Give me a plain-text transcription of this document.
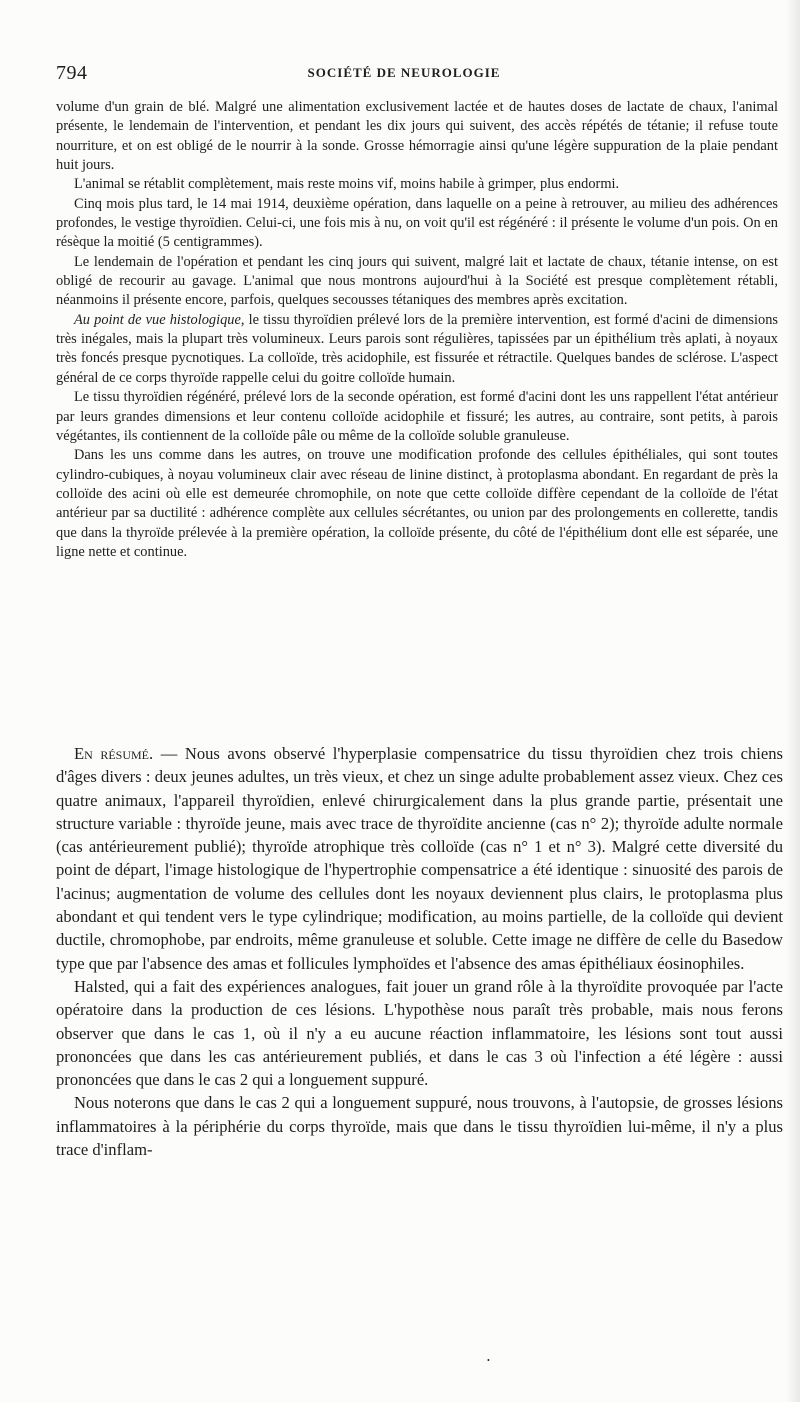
794	SOCIÉTÉ DE NEUROLOGIE

volume d'un grain de blé. Malgré une alimentation exclusivement lactée et de hautes doses de lactate de chaux, l'animal présente, le lendemain de l'intervention, et pendant les dix jours qui suivent, des accès répétés de tétanie; il refuse toute nourriture, et on est obligé de le nourrir à la sonde. Grosse hémorragie ainsi qu'une légère suppuration de la plaie pendant huit jours.

L'animal se rétablit complètement, mais reste moins vif, moins habile à grimper, plus endormi.

Cinq mois plus tard, le 14 mai 1914, deuxième opération, dans laquelle on a peine à retrouver, au milieu des adhérences profondes, le vestige thyroïdien. Celui-ci, une fois mis à nu, on voit qu'il est régénéré : il présente le volume d'un pois. On en résèque la moitié (5 centigrammes).

Le lendemain de l'opération et pendant les cinq jours qui suivent, malgré lait et lactate de chaux, tétanie intense, on est obligé de recourir au gavage. L'animal que nous montrons aujourd'hui à la Société est presque complètement rétabli, néanmoins il présente encore, parfois, quelques secousses tétaniques des membres après excitation.

Au point de vue histologique, le tissu thyroïdien prélevé lors de la première intervention, est formé d'acini de dimensions très inégales, mais la plupart très volumineux. Leurs parois sont régulières, tapissées par un épithélium très aplati, à noyaux très foncés presque pycnotiques. La colloïde, très acidophile, est fissurée et rétractile. Quelques bandes de sclérose. L'aspect général de ce corps thyroïde rappelle celui du goitre colloïde humain.

Le tissu thyroïdien régénéré, prélevé lors de la seconde opération, est formé d'acini dont les uns rappellent l'état antérieur par leurs grandes dimensions et leur contenu colloïde acidophile et fissuré; les autres, au contraire, sont petits, à parois végétantes, ils contiennent de la colloïde pâle ou même de la colloïde soluble granuleuse.

Dans les uns comme dans les autres, on trouve une modification profonde des cellules épithéliales, qui sont toutes cylindro-cubiques, à noyau volumineux clair avec réseau de linine distinct, à protoplasma abondant. En regardant de près la colloïde des acini où elle est demeurée chromophile, on note que cette colloïde diffère cependant de la colloïde de l'état antérieur par sa ductilité : adhérence complète aux cellules sécrétantes, ou union par des prolongements en collerette, tandis que dans la thyroïde prélevée à la première opération, la colloïde présente, du côté de l'épithélium dont elle est séparée, une ligne nette et continue.

En résumé. — Nous avons observé l'hyperplasie compensatrice du tissu thyroïdien chez trois chiens d'âges divers : deux jeunes adultes, un très vieux, et chez un singe adulte probablement assez vieux. Chez ces quatre animaux, l'appareil thyroïdien, enlevé chirurgicalement dans la plus grande partie, présentait une structure variable : thyroïde jeune, mais avec trace de thyroïdite ancienne (cas n° 2); thyroïde adulte normale (cas antérieurement publié); thyroïde atrophique très colloïde (cas n° 1 et n° 3). Malgré cette diversité du point de départ, l'image histologique de l'hypertrophie compensatrice a été identique : sinuosité des parois de l'acinus; augmentation de volume des cellules dont les noyaux deviennent plus clairs, le protoplasma plus abondant et qui tendent vers le type cylindrique; modification, au moins partielle, de la colloïde qui devient ductile, chromophobe, par endroits, même granuleuse et soluble. Cette image ne diffère de celle du Basedow type que par l'absence des amas et follicules lymphoïdes et l'absence des amas épithéliaux éosinophiles.

Halsted, qui a fait des expériences analogues, fait jouer un grand rôle à la thyroïdite provoquée par l'acte opératoire dans la production de ces lésions. L'hypothèse nous paraît très probable, mais nous ferons observer que dans le cas 1, où il n'y a eu aucune réaction inflammatoire, les lésions sont tout aussi prononcées que dans les cas antérieurement publiés, et dans le cas 3 où l'infection a été légère : aussi prononcées que dans le cas 2 qui a longuement suppuré.

Nous noterons que dans le cas 2 qui a longuement suppuré, nous trouvons, à l'autopsie, de grosses lésions inflammatoires à la périphérie du corps thyroïde, mais que dans le tissu thyroïdien lui-même, il n'y a plus trace d'inflam-

•
